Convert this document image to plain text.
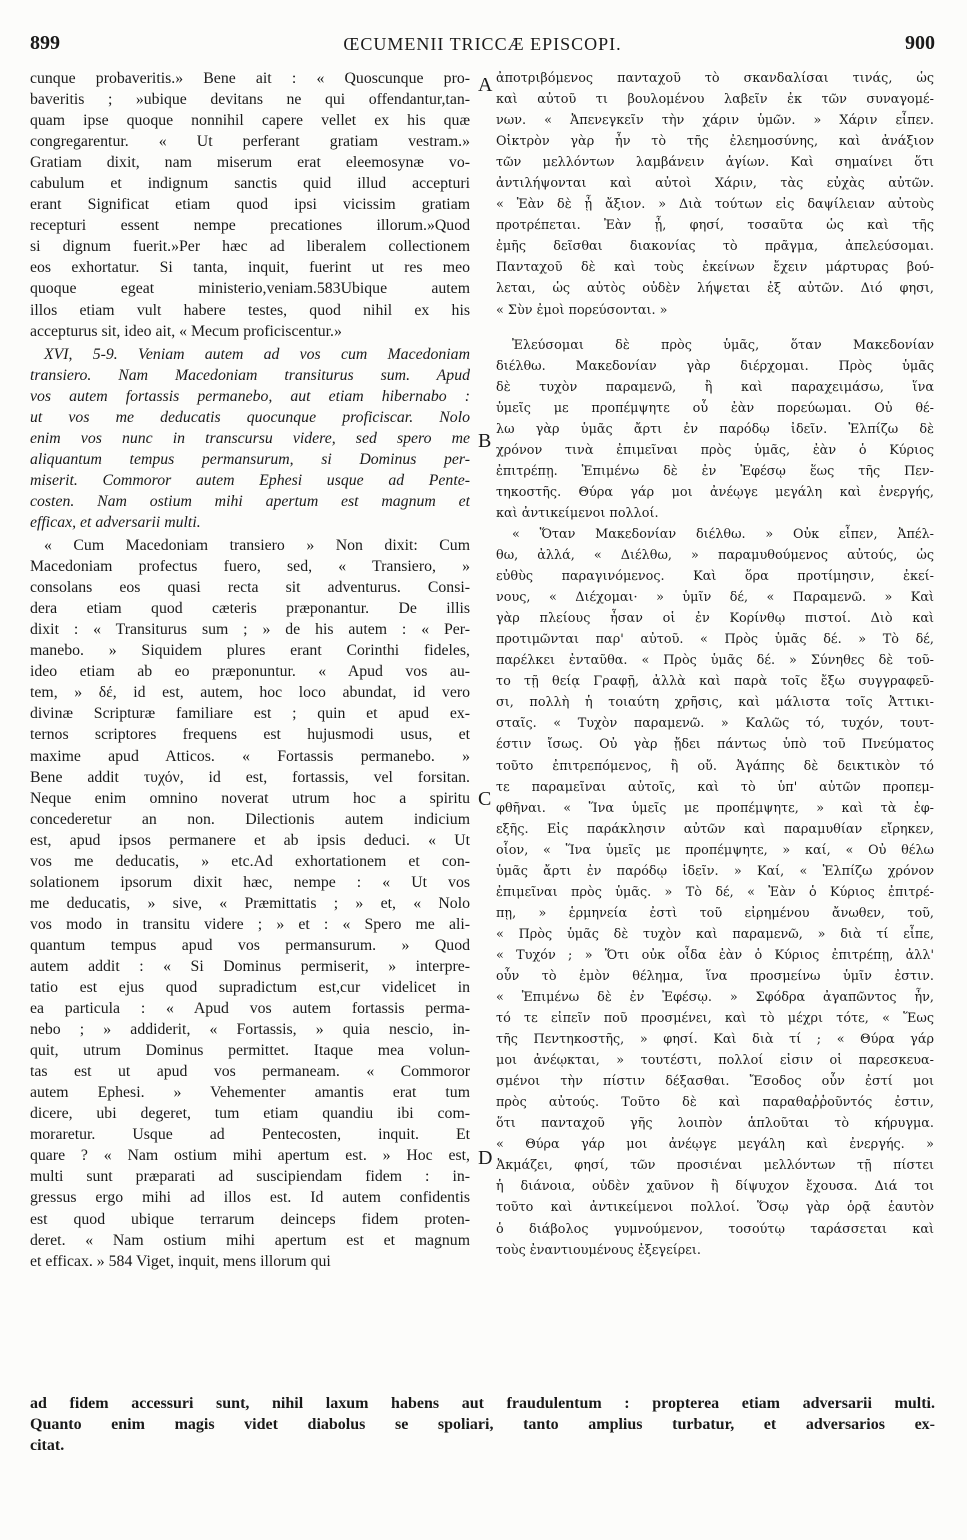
ŒCUMENII TRICCÆ EPISCOPI.
899	900
A
B
C
D
cunque probaveritis.» Bene ait : « Quoscunque pro-
baveritis ; »ubique devitans ne qui offendantur,tan-
quam ipse quoque nonnihil capere vellet ex his quæ
congregarentur. « Ut perferant gratiam vestram.»
Gratiam dixit, nam miserum erat eleemosynæ vo-
cabulum et indignum sanctis quid illud accepturi
erant Significat etiam quod ipsi vicissim gratiam
recepturi essent nempe precationes illorum.»Quod
si dignum fuerit.»Per hæc ad liberalem collectionem
eos exhortatur. Si tanta, inquit, fuerint ut res meo
quoque egeat ministerio,veniam.583Ubique autem
illos etiam vult habere testes, quod nihil ex his
accepturus sit, ideo ait, « Mecum proficiscentur.»
XVI, 5-9. Veniam autem ad vos cum Macedoniam
transiero. Nam Macedoniam transiturus sum. Apud
vos autem fortassis permanebo, aut etiam hibernabo :
ut vos me deducatis quocunque proficiscar. Nolo
enim vos nunc in transcursu videre, sed spero me
aliquantum tempus permansurum, si Dominus per-
miserit. Commoror autem Ephesi usque ad Pente-
costen. Nam ostium mihi apertum est magnum et
efficax, et adversarii multi.
« Cum Macedoniam transiero » Non dixit: Cum
Macedoniam profectus fuero, sed, « Transiero, »
consolans eos quasi recta sit adventurus. Consi-
dera etiam quod cæteris præponantur. De illis
dixit : « Transiturus sum ; » de his autem : « Per-
manebo. » Siquidem plures erant Corinthi fideles,
ideo etiam ab eo præponuntur. « Apud vos au-
tem, » δέ, id est, autem, hoc loco abundat, id vero
divinæ Scripturæ familiare est ; quin et apud ex-
ternos scriptores frequens est hujusmodi usus, et
maxime apud Atticos. « Fortassis permanebo. »
Bene addit τυχόν, id est, fortassis, vel forsitan.
Neque enim omnino noverat utrum hoc a spiritu
concederetur an non. Dilectionis autem indicium
est, apud ipsos permanere et ab ipsis deduci. « Ut
vos me deducatis, » etc.Ad exhortationem et con-
solationem ipsorum dixit hæc, nempe : « Ut vos
me deducatis, » sive, « Præmittatis ; » et, « Nolo
vos modo in transitu videre ; » et : « Spero me ali-
quantum tempus apud vos permansurum. » Quod
autem addit : « Si Dominus permiserit, » interpre-
tatio est ejus quod supradictum est,cur videlicet in
ea particula : « Apud vos autem fortassis perma-
nebo ; » addiderit, « Fortassis, » quia nescio, in-
quit, utrum Dominus permittet. Itaque mea volun-
tas est ut apud vos permaneam. « Commoror
autem Ephesi. » Vehementer amantis erat tum
dicere, ubi degeret, tum etiam quandiu ibi com-
moraretur. Usque ad Pentecosten, inquit. Et
quare ? « Nam ostium mihi apertum est. » Hoc est,
multi sunt præparati ad suscipiendam fidem : in-
gressus ergo mihi ad illos est. Id autem confidentis
est quod ubique terrarum deinceps fidem proten-
deret. « Nam ostium mihi apertum est et magnum
et efficax. » 584 Viget, inquit, mens illorum qui
ἀποτριβόμενος πανταχοῦ τὸ σκανδαλίσαι τινάς, ὡς
καὶ αὐτοῦ τι βουλομένου λαβεῖν ἐκ τῶν συναγομέ-
νων. « Ἀπενεγκεῖν τὴν χάριν ὑμῶν. » Χάριν εἶπεν.
Οἰκτρὸν γὰρ ἦν τὸ τῆς ἐλεημοσύνης, καὶ ἀνάξιον
τῶν μελλόντων λαμβάνειν ἁγίων. Καὶ σημαίνει ὅτι
ἀντιλήψονται καὶ αὐτοὶ Χάριν, τὰς εὐχὰς αὐτῶν.
« Ἐὰν δὲ ᾖ ἄξιον. » Διὰ τούτων εἰς δαψίλειαν αὐτοὺς
προτρέπεται. Ἐὰν ᾖ, φησί, τοσαῦτα ὡς καὶ τῆς
ἐμῆς δεῖσθαι διακονίας τὸ πρᾶγμα, ἀπελεύσομαι.
Πανταχοῦ δὲ καὶ τοὺς ἐκείνων ἔχειν μάρτυρας βού-
λεται, ὡς αὐτὸς οὐδὲν λήψεται ἐξ αὐτῶν. Διό φησι,
« Σὺν ἐμοὶ πορεύσονται. »
Ἐλεύσομαι δὲ πρὸς ὑμᾶς, ὅταν Μακεδονίαν
διέλθω. Μακεδονίαν γὰρ διέρχομαι. Πρὸς ὑμᾶς
δὲ τυχὸν παραμενῶ, ἢ καὶ παραχειμάσω, ἵνα
ὑμεῖς με προπέμψητε οὗ ἐὰν πορεύωμαι. Οὐ θέ-
λω γὰρ ὑμᾶς ἄρτι ἐν παρόδῳ ἰδεῖν. Ἐλπίζω δὲ
χρόνον τινὰ ἐπιμεῖναι πρὸς ὑμᾶς, ἐὰν ὁ Κύριος
ἐπιτρέπῃ. Ἐπιμένω δὲ ἐν Ἐφέσῳ ἕως τῆς Πεν-
τηκοστῆς. Θύρα γάρ μοι ἀνέῳγε μεγάλη καὶ ἐνεργής,
καὶ ἀντικείμενοι πολλοί.
« Ὅταν Μακεδονίαν διέλθω. » Οὐκ εἶπεν, Ἀπέλ-
θω, ἀλλά, « Διέλθω, » παραμυθούμενος αὐτούς, ὡς
εὐθὺς παραγινόμενος. Καὶ ὅρα προτίμησιν, ἐκεί-
νους, « Διέχομαι· » ὑμῖν δέ, « Παραμενῶ. » Καὶ
γὰρ πλείους ἦσαν οἱ ἐν Κορίνθῳ πιστοί. Διὸ καὶ
προτιμῶνται παρ' αὐτοῦ. « Πρὸς ὑμᾶς δέ. » Τὸ δέ,
παρέλκει ἐνταῦθα. « Πρὸς ὑμᾶς δέ. » Σύνηθες δὲ τοῦ-
το τῇ θείᾳ Γραφῇ, ἀλλὰ καὶ παρὰ τοῖς ἔξω συγγραφεῦ-
σι, πολλὴ ἡ τοιαύτη χρῆσις, καὶ μάλιστα τοῖς Ἀττικι-
σταῖς. « Τυχὸν παραμενῶ. » Καλῶς τό, τυχόν, τουτ-
έστιν ἴσως. Οὐ γὰρ ᾔδει πάντως ὑπὸ τοῦ Πνεύματος
τοῦτο ἐπιτρεπόμενος, ἢ οὔ. Ἀγάπης δὲ δεικτικὸν τό
τε παραμεῖναι αὐτοῖς, καὶ τὸ ὑπ' αὐτῶν προπεμ-
φθῆναι. « Ἵνα ὑμεῖς με προπέμψητε, » καὶ τὰ ἐφ-
εξῆς. Εἰς παράκλησιν αὐτῶν καὶ παραμυθίαν εἴρηκεν,
οἷον, « Ἵνα ὑμεῖς με προπέμψητε, » καί, « Οὐ θέλω
ὑμᾶς ἄρτι ἐν παρόδῳ ἰδεῖν. » Καί, « Ἐλπίζω χρόνον
ἐπιμεῖναι πρὸς ὑμᾶς. » Τὸ δέ, « Ἐὰν ὁ Κύριος ἐπιτρέ-
πῃ, » ἑρμηνεία ἐστὶ τοῦ εἰρημένου ἄνωθεν, τοῦ,
« Πρὸς ὑμᾶς δὲ τυχὸν καὶ παραμενῶ, » διὰ τί εἶπε,
« Τυχόν ; » Ὅτι οὐκ οἶδα ἐὰν ὁ Κύριος ἐπιτρέπῃ, ἀλλ'
οὖν τὸ ἐμὸν θέλημα, ἵνα προσμείνω ὑμῖν ἐστιν.
« Ἐπιμένω δὲ ἐν Ἐφέσῳ. » Σφόδρα ἀγαπῶντος ἦν,
τό τε εἰπεῖν ποῦ προσμένει, καὶ τὸ μέχρι τότε, « Ἕως
τῆς Πεντηκοστῆς, » φησί. Καὶ διὰ τί ; « Θύρα γάρ
μοι ἀνέῳκται, » τουτέστι, πολλοί εἰσιν οἱ παρεσκευα-
σμένοι τὴν πίστιν δέξασθαι. Ἔσοδος οὖν ἐστί μοι
πρὸς αὐτούς. Τοῦτο δὲ καὶ παραθαῤῥοῦντός ἐστιν,
ὅτι πανταχοῦ γῆς λοιπὸν ἁπλοῦται τὸ κήρυγμα.
« Θύρα γάρ μοι ἀνέῳγε μεγάλη καὶ ἐνεργής. »
Ἀκμάζει, φησί, τῶν προσιέναι μελλόντων τῇ πίστει
ἡ διάνοια, οὐδὲν χαῦνον ἢ δίψυχον ἔχουσα. Διά τοι
τοῦτο καὶ ἀντικείμενοι πολλοί. Ὅσῳ γὰρ ὁρᾷ ἑαυτὸν
ὁ διάβολος γυμνούμενον, τοσούτῳ ταράσσεται καὶ
τοὺς ἐναντιουμένους ἐξεγείρει.
ad fidem accessuri sunt, nihil laxum habens aut fraudulentum : propterea etiam adversarii multi.
Quanto enim magis videt diabolus se spoliari, tanto amplius turbatur, et adversarios ex-
citat.
